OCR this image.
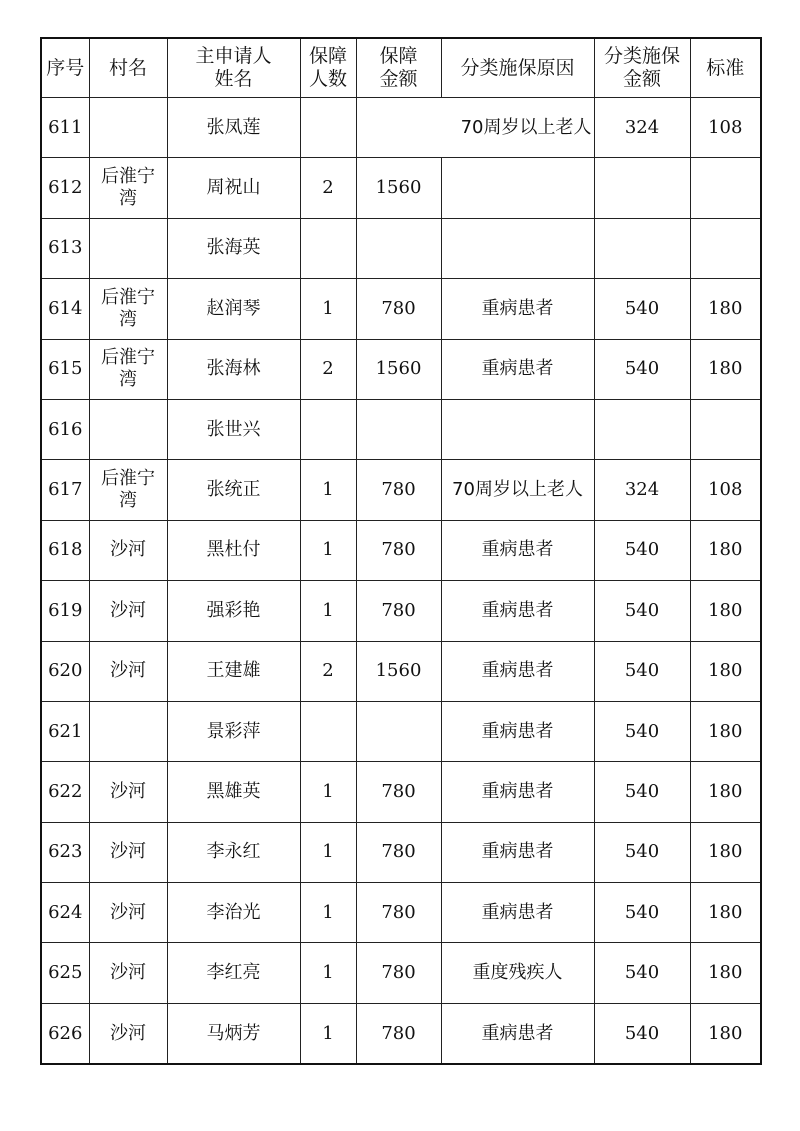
序号	村名	主申请人姓名	保障人数	保障金额	分类施保原因	分类施保金额	标准
611		张凤莲		70周岁以上老人		324	108
612	后淮宁湾	周祝山	2	1560			
613		张海英					
614	后淮宁湾	赵润琴	1	780	重病患者	540	180
615	后淮宁湾	张海林	2	1560	重病患者	540	180
616		张世兴					
617	后淮宁湾	张统正	1	780	70周岁以上老人	324	108
618	沙河	黑杜付	1	780	重病患者	540	180
619	沙河	强彩艳	1	780	重病患者	540	180
620	沙河	王建雄	2	1560	重病患者	540	180
621		景彩萍			重病患者	540	180
622	沙河	黑雄英	1	780	重病患者	540	180
623	沙河	李永红	1	780	重病患者	540	180
624	沙河	李治光	1	780	重病患者	540	180
625	沙河	李红亮	1	780	重度残疾人	540	180
626	沙河	马炳芳	1	780	重病患者	540	180
